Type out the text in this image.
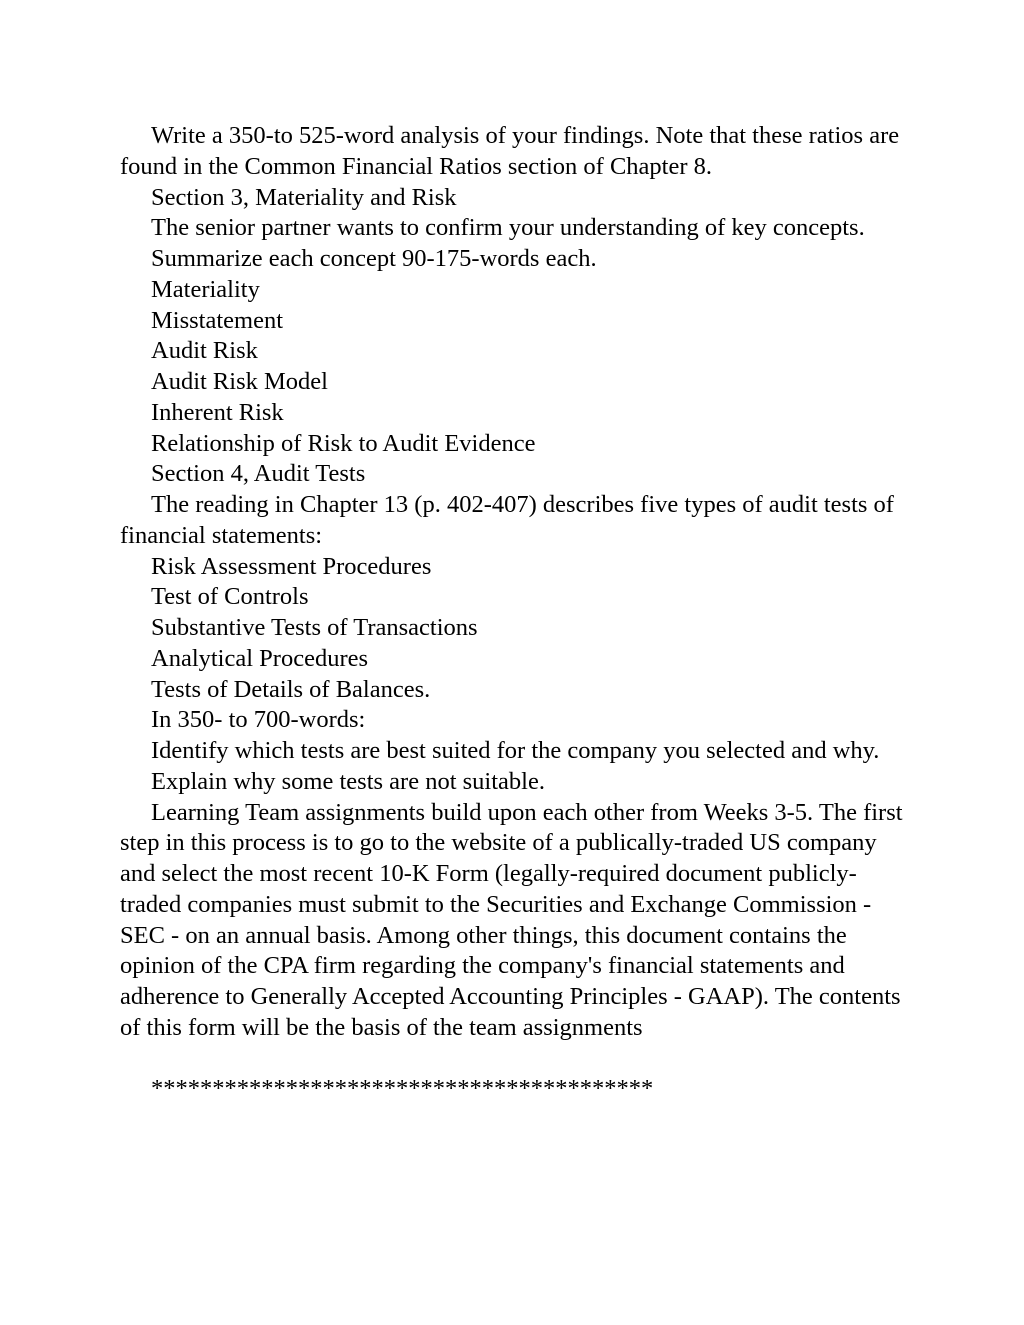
Write a 350-to 525-word analysis of your findings. Note that these ratios are found in the Common Financial Ratios section of Chapter 8.

Section 3, Materiality and Risk

The senior partner wants to confirm your understanding of key concepts.

Summarize each concept 90-175-words each.

Materiality

Misstatement

Audit Risk

Audit Risk Model

Inherent Risk

Relationship of Risk to Audit Evidence

Section 4, Audit Tests

The reading in Chapter 13 (p. 402-407) describes five types of audit tests of financial statements:

Risk Assessment Procedures

Test of Controls

Substantive Tests of Transactions

Analytical Procedures

Tests of Details of Balances.

In 350- to 700-words:

Identify which tests are best suited for the company you selected and why.

Explain why some tests are not suitable.

Learning Team assignments build upon each other from Weeks 3-5. The first step in this process is to go to the website of a publically-traded US company and select the most recent 10-K Form (legally-required document publicly-traded companies must submit to the Securities and Exchange Commission - SEC - on an annual basis. Among other things, this document contains the opinion of the CPA firm regarding the company's financial statements and adherence to Generally Accepted Accounting Principles - GAAP). The contents of this form will be the basis of the team assignments

*****************************************
